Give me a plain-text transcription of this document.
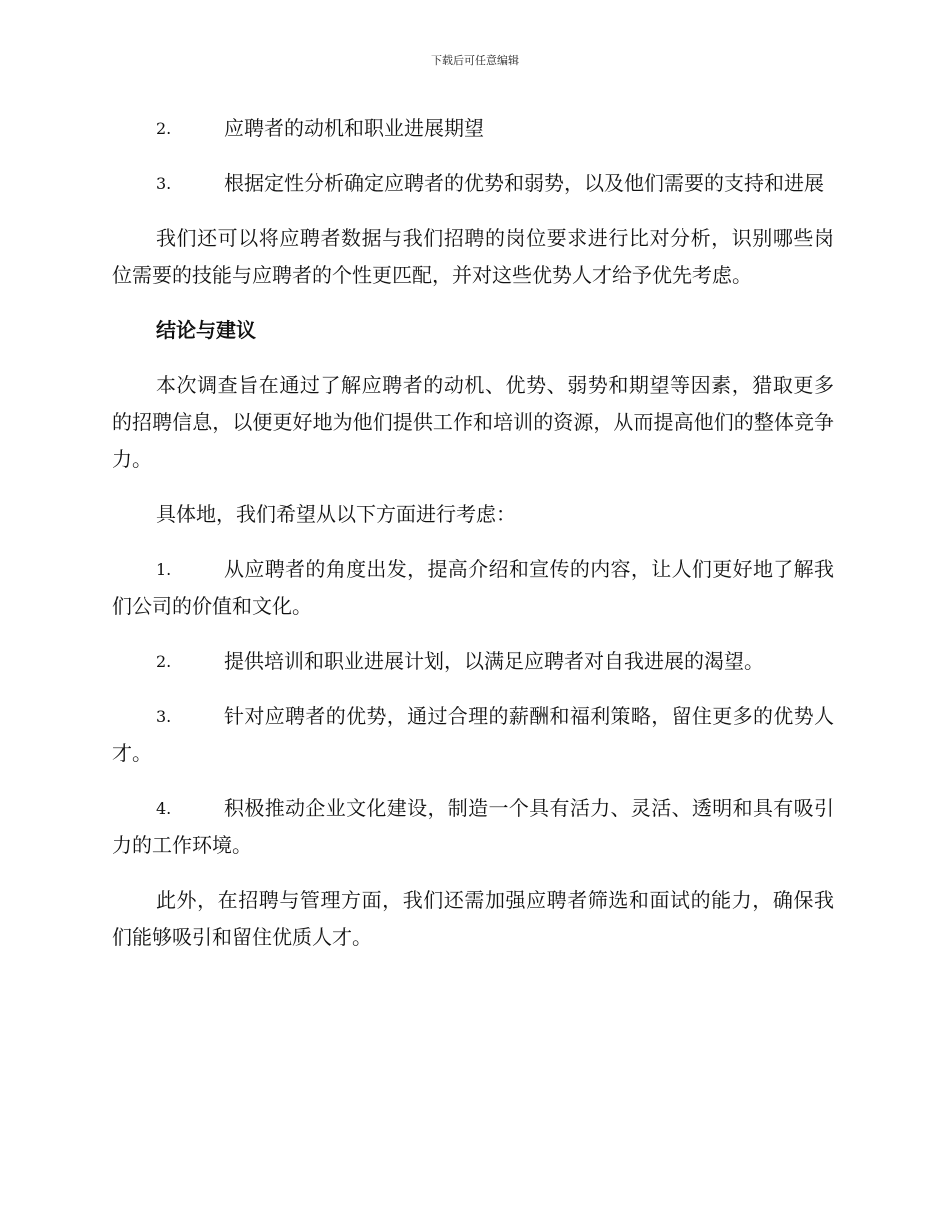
下载后可任意编辑

2.	应聘者的动机和职业进展期望

3.	根据定性分析确定应聘者的优势和弱势，以及他们需要的支持和进展

我们还可以将应聘者数据与我们招聘的岗位要求进行比对分析，识别哪些岗位需要的技能与应聘者的个性更匹配，并对这些优势人才给予优先考虑。

结论与建议

本次调查旨在通过了解应聘者的动机、优势、弱势和期望等因素，猎取更多的招聘信息，以便更好地为他们提供工作和培训的资源，从而提高他们的整体竞争力。

具体地，我们希望从以下方面进行考虑：

1.	从应聘者的角度出发，提高介绍和宣传的内容，让人们更好地了解我们公司的价值和文化。

2.	提供培训和职业进展计划，以满足应聘者对自我进展的渴望。

3.	针对应聘者的优势，通过合理的薪酬和福利策略，留住更多的优势人才。

4.	积极推动企业文化建设，制造一个具有活力、灵活、透明和具有吸引力的工作环境。

此外，在招聘与管理方面，我们还需加强应聘者筛选和面试的能力，确保我们能够吸引和留住优质人才。
